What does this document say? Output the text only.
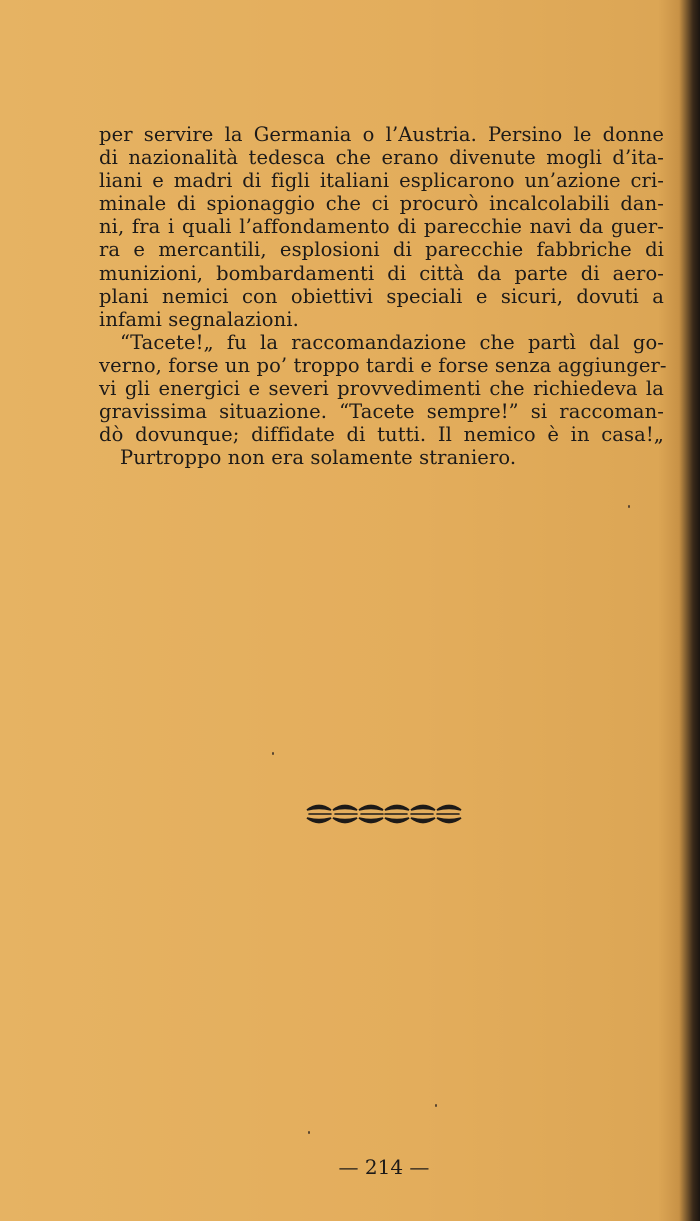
per servire la Germania o l’Austria. Persino le donne
di nazionalità tedesca che erano divenute mogli d’ita-
liani e madri di figli italiani esplicarono un’azione cri-
minale di spionaggio che ci procurò incalcolabili dan-
ni, fra i quali l’affondamento di parecchie navi da guer-
ra e mercantili, esplosioni di parecchie fabbriche di
munizioni, bombardamenti di città da parte di aero-
plani nemici con obiettivi speciali e sicuri, dovuti a
infami segnalazioni.
“Tacete!„ fu la raccomandazione che partì dal go-
verno, forse un po’ troppo tardi e forse senza aggiunger-
vi gli energici e severi provvedimenti che richiedeva la
gravissima situazione. “Tacete sempre!” si raccoman-
dò dovunque; diffidate di tutti. Il nemico è in casa!„
Purtroppo non era solamente straniero.
— 214 —
